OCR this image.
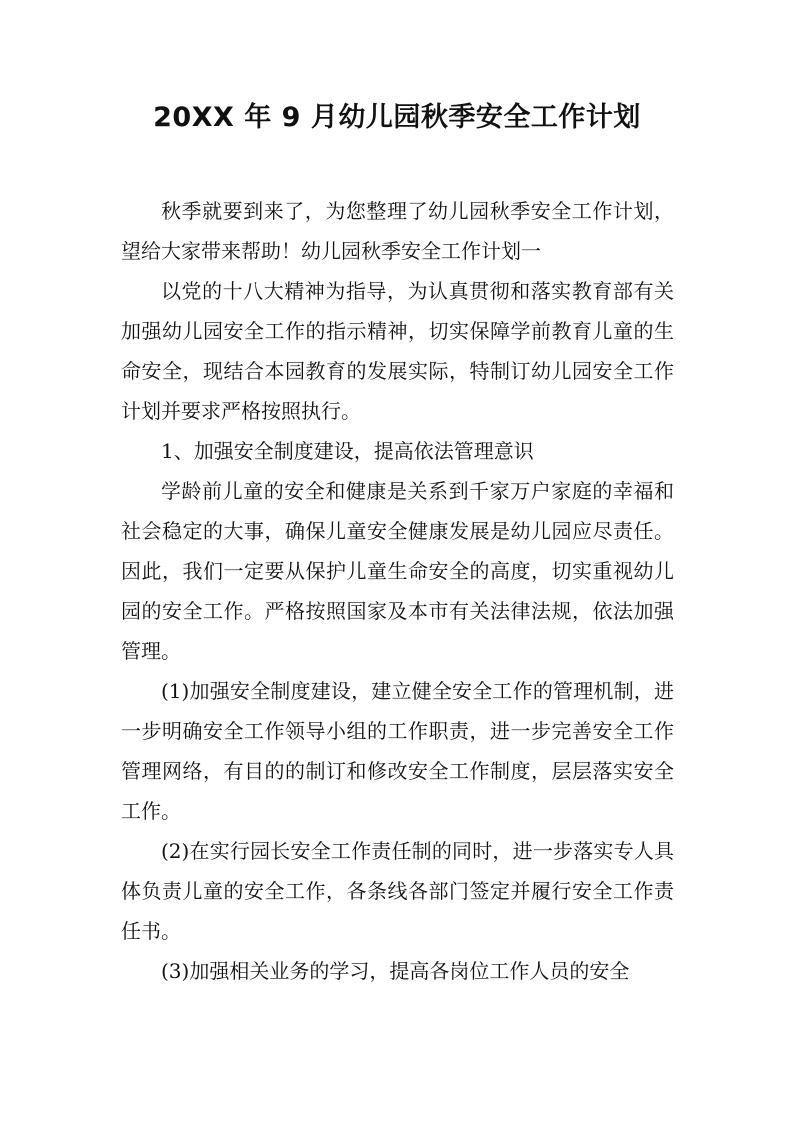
20XX 年 9 月幼儿园秋季安全工作计划

秋季就要到来了，为您整理了幼儿园秋季安全工作计划，望给大家带来帮助！幼儿园秋季安全工作计划一

以党的十八大精神为指导，为认真贯彻和落实教育部有关加强幼儿园安全工作的指示精神，切实保障学前教育儿童的生命安全，现结合本园教育的发展实际，特制订幼儿园安全工作计划并要求严格按照执行。

1、加强安全制度建设，提高依法管理意识

学龄前儿童的安全和健康是关系到千家万户家庭的幸福和社会稳定的大事，确保儿童安全健康发展是幼儿园应尽责任。因此，我们一定要从保护儿童生命安全的高度，切实重视幼儿园的安全工作。严格按照国家及本市有关法律法规，依法加强管理。

(1)加强安全制度建设，建立健全安全工作的管理机制，进一步明确安全工作领导小组的工作职责，进一步完善安全工作管理网络，有目的的制订和修改安全工作制度，层层落实安全工作。

(2)在实行园长安全工作责任制的同时，进一步落实专人具体负责儿童的安全工作，各条线各部门签定并履行安全工作责任书。

(3)加强相关业务的学习，提高各岗位工作人员的安全
